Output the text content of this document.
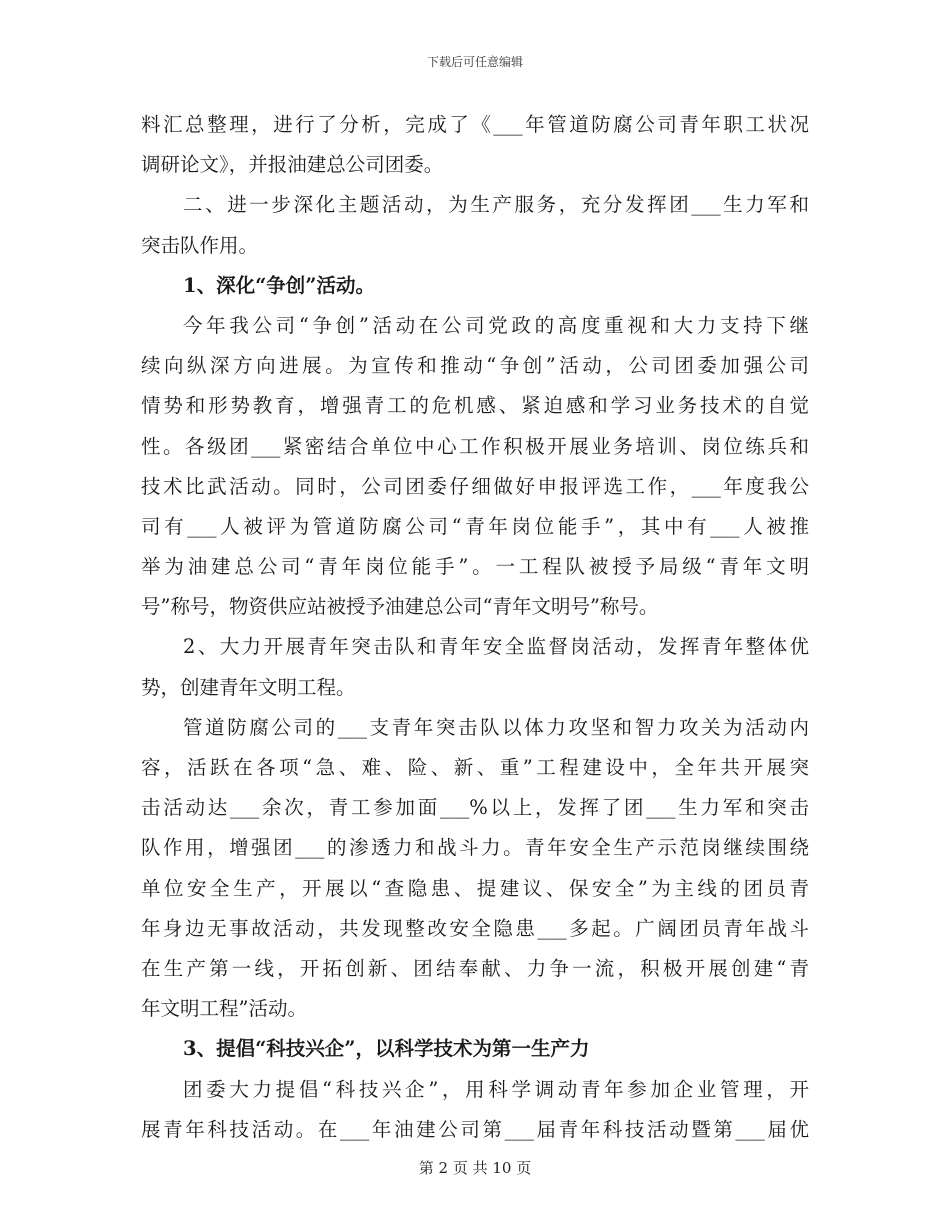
下载后可任意编辑
料汇总整理，进行了分析，完成了《___年管道防腐公司青年职工状况
调研论文》，并报油建总公司团委。
二、进一步深化主题活动，为生产服务，充分发挥团___生力军和
突击队作用。
1、深化“争创”活动。
今年我公司“争创”活动在公司党政的高度重视和大力支持下继
续向纵深方向进展。为宣传和推动“争创”活动，公司团委加强公司
情势和形势教育，增强青工的危机感、紧迫感和学习业务技术的自觉
性。各级团___紧密结合单位中心工作积极开展业务培训、岗位练兵和
技术比武活动。同时，公司团委仔细做好申报评选工作，___年度我公
司有___人被评为管道防腐公司“青年岗位能手”，其中有___人被推
举为油建总公司“青年岗位能手”。一工程队被授予局级“青年文明
号”称号，物资供应站被授予油建总公司“青年文明号”称号。
2、大力开展青年突击队和青年安全监督岗活动，发挥青年整体优
势，创建青年文明工程。
管道防腐公司的___支青年突击队以体力攻坚和智力攻关为活动内
容，活跃在各项“急、难、险、新、重”工程建设中，全年共开展突
击活动达___余次，青工参加面___%以上，发挥了团___生力军和突击
队作用，增强团___的渗透力和战斗力。青年安全生产示范岗继续围绕
单位安全生产，开展以“查隐患、提建议、保安全”为主线的团员青
年身边无事故活动，共发现整改安全隐患___多起。广阔团员青年战斗
在生产第一线，开拓创新、团结奉献、力争一流，积极开展创建“青
年文明工程”活动。
3、提倡“科技兴企”，以科学技术为第一生产力
团委大力提倡“科技兴企”，用科学调动青年参加企业管理，开
展青年科技活动。在___年油建公司第___届青年科技活动暨第___届优
第 2 页 共 10 页
